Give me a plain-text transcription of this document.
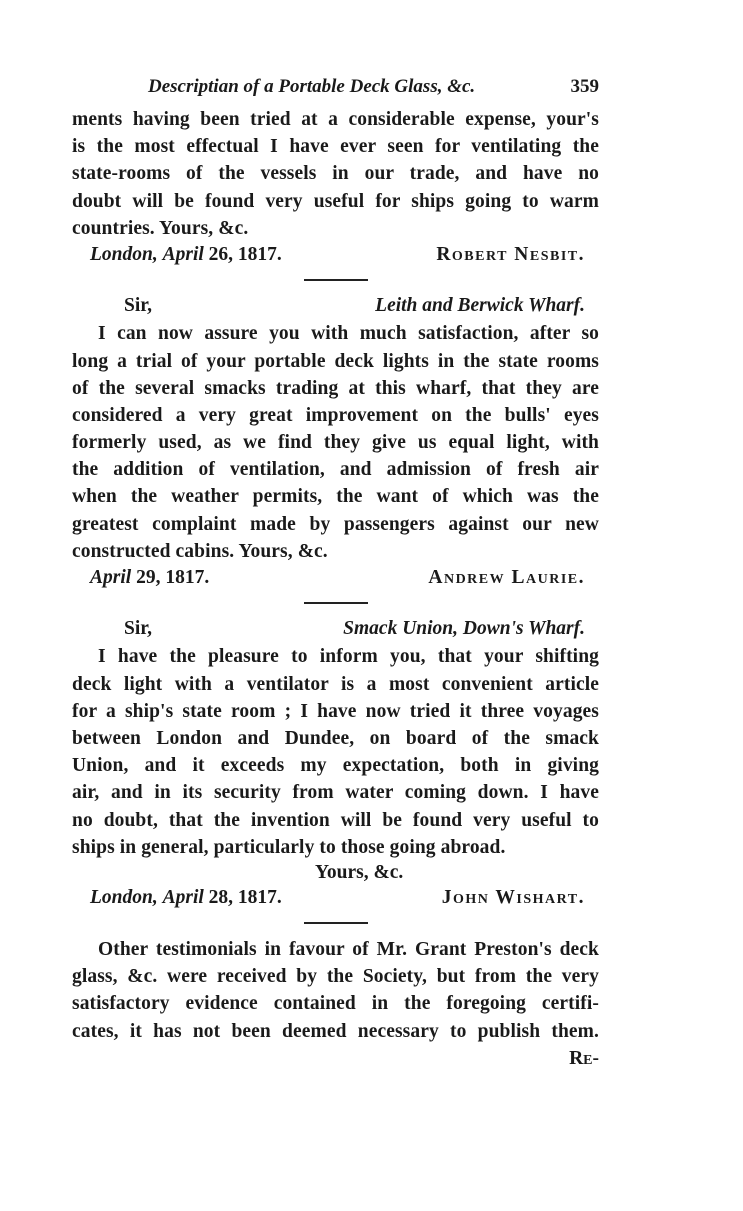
Descriptian of a Portable Deck Glass, &c.	359
ments having been tried at a considerable expense, your's
is the most effectual I have ever seen for ventilating the
state-rooms of the vessels in our trade, and have no
doubt will be found very useful for ships going to warm
countries. Yours, &c.
London, April 26, 1817.	Robert Nesbit.
Sir,	Leith and Berwick Wharf.
I can now assure you with much satisfaction, after so
long a trial of your portable deck lights in the state rooms
of the several smacks trading at this wharf, that they are
considered a very great improvement on the bulls' eyes
formerly used, as we find they give us equal light, with
the addition of ventilation, and admission of fresh air
when the weather permits, the want of which was the
greatest complaint made by passengers against our new
constructed cabins. Yours, &c.
April 29, 1817.	Andrew Laurie.
Sir,	Smack Union, Down's Wharf.
I have the pleasure to inform you, that your shifting
deck light with a ventilator is a most convenient article
for a ship's state room ; I have now tried it three voyages
between London and Dundee, on board of the smack
Union, and it exceeds my expectation, both in giving
air, and in its security from water coming down. I have
no doubt, that the invention will be found very useful to
ships in general, particularly to those going abroad.
Yours, &c.
London, April 28, 1817.	John Wishart.
Other testimonials in favour of Mr. Grant Preston's deck
glass, &c. were received by the Society, but from the very
satisfactory evidence contained in the foregoing certifi-
cates, it has not been deemed necessary to publish them.
Re-
